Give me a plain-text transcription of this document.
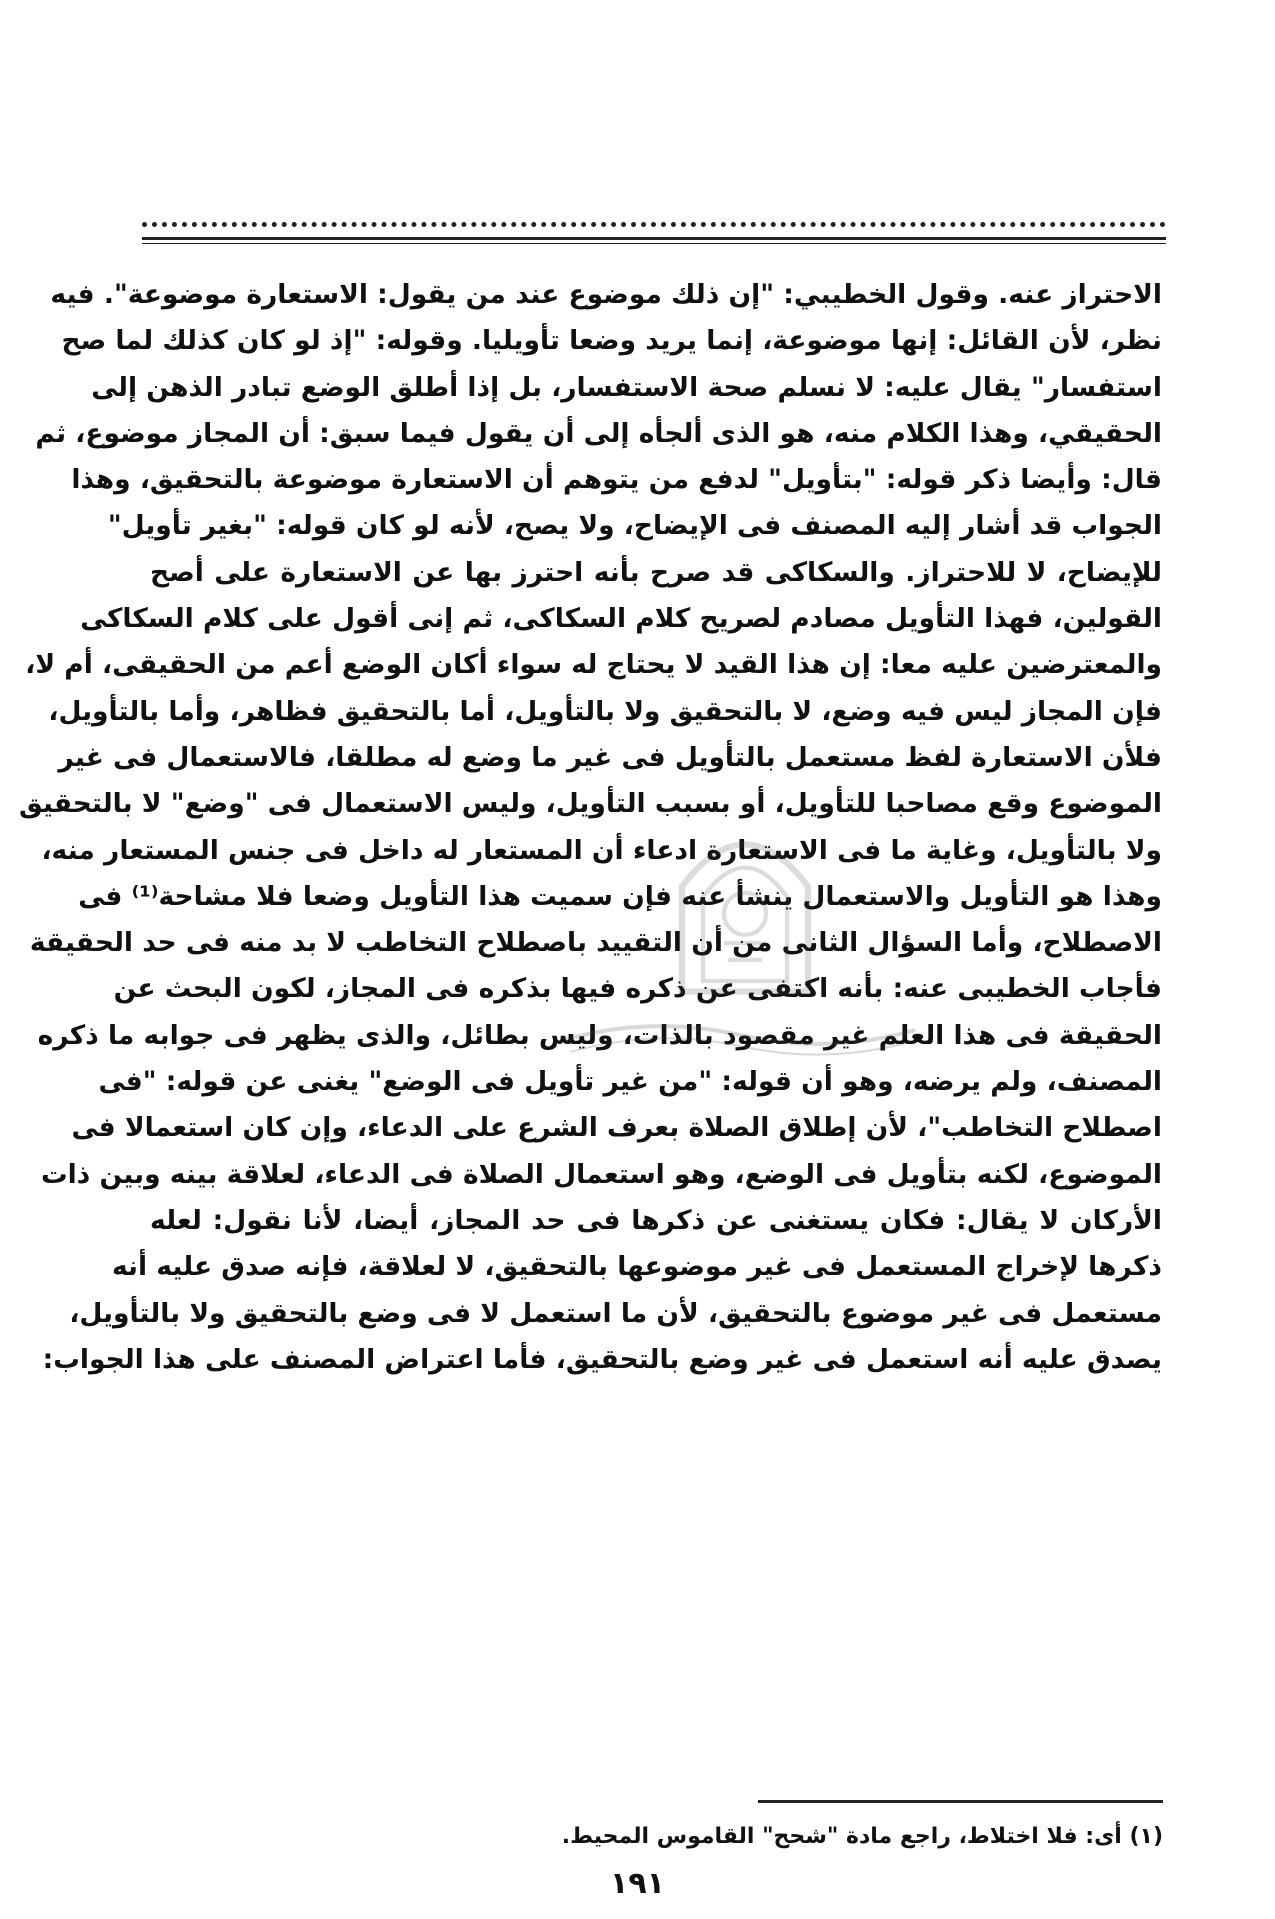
الاحتراز عنه. وقول الخطيبي: "إن ذلك موضوع عند من يقول: الاستعارة موضوعة". فيه
نظر، لأن القائل: إنها موضوعة، إنما يريد وضعا تأويليا. وقوله: "إذ لو كان كذلك لما صح
استفسار" يقال عليه: لا نسلم صحة الاستفسار، بل إذا أطلق الوضع تبادر الذهن إلى
الحقيقي، وهذا الكلام منه، هو الذى ألجأه إلى أن يقول فيما سبق: أن المجاز موضوع، ثم
قال: وأيضا ذكر قوله: "بتأويل" لدفع من يتوهم أن الاستعارة موضوعة بالتحقيق، وهذا
الجواب قد أشار إليه المصنف فى الإيضاح، ولا يصح، لأنه لو كان قوله: "بغير تأويل"
للإيضاح، لا للاحتراز. والسكاكى قد صرح بأنه احترز بها عن الاستعارة على أصح
القولين، فهذا التأويل مصادم لصريح كلام السكاكى، ثم إنى أقول على كلام السكاكى
والمعترضين عليه معا: إن هذا القيد لا يحتاج له سواء أكان الوضع أعم من الحقيقى، أم لا،
فإن المجاز ليس فيه وضع، لا بالتحقيق ولا بالتأويل، أما بالتحقيق فظاهر، وأما بالتأويل،
فلأن الاستعارة لفظ مستعمل بالتأويل فى غير ما وضع له مطلقا، فالاستعمال فى غير
الموضوع وقع مصاحبا للتأويل، أو بسبب التأويل، وليس الاستعمال فى "وضع" لا بالتحقيق
ولا بالتأويل، وغاية ما فى الاستعارة ادعاء أن المستعار له داخل فى جنس المستعار منه،
وهذا هو التأويل والاستعمال ينشأ عنه فإن سميت هذا التأويل وضعا فلا مشاحة⁽¹⁾ فى
الاصطلاح، وأما السؤال الثانى من أن التقييد باصطلاح التخاطب لا بد منه فى حد الحقيقة
فأجاب الخطيبى عنه: بأنه اكتفى عن ذكره فيها بذكره فى المجاز، لكون البحث عن
الحقيقة فى هذا العلم غير مقصود بالذات، وليس بطائل، والذى يظهر فى جوابه ما ذكره
المصنف، ولم يرضه، وهو أن قوله: "من غير تأويل فى الوضع" يغنى عن قوله: "فى
اصطلاح التخاطب"، لأن إطلاق الصلاة بعرف الشرع على الدعاء، وإن كان استعمالا فى
الموضوع، لكنه بتأويل فى الوضع، وهو استعمال الصلاة فى الدعاء، لعلاقة بينه وبين ذات
الأركان لا يقال: فكان يستغنى عن ذكرها فى حد المجاز، أيضا، لأنا نقول: لعله
ذكرها لإخراج المستعمل فى غير موضوعها بالتحقيق، لا لعلاقة، فإنه صدق عليه أنه
مستعمل فى غير موضوع بالتحقيق، لأن ما استعمل لا فى وضع بالتحقيق ولا بالتأويل،
يصدق عليه أنه استعمل فى غير وضع بالتحقيق، فأما اعتراض المصنف على هذا الجواب:
(١) أى: فلا اختلاط، راجع مادة "شحح" القاموس المحيط.
١٩١
